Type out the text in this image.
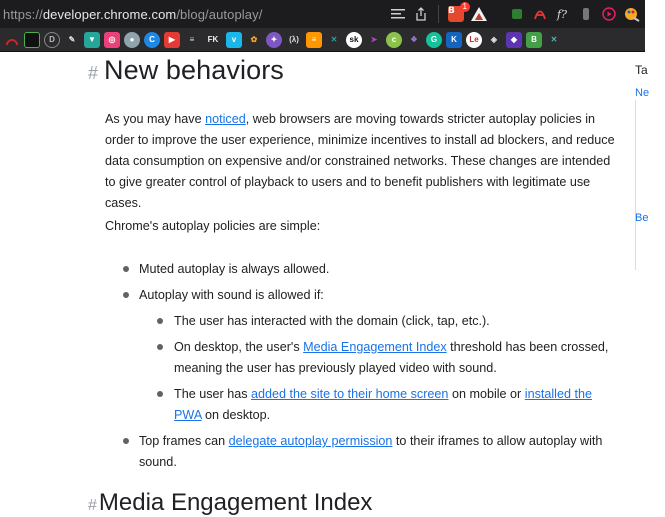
https://developer.chrome.com/blog/autoplay/	B 1
f?
D	✎	▼	◎	●	C	▶	≡	FK	v	✿	✦	(λ)	≡	✕	sk	➤	c	❖	G	K	Le	◈	◆	B	✕
# New behaviors

As you may have noticed, web browsers are moving towards stricter autoplay policies in order to improve the user experience, minimize incentives to install ad blockers, and reduce data consumption on expensive and/or constrained networks. These changes are intended to give greater control of playback to users and to benefit publishers with legitimate use cases.

Chrome's autoplay policies are simple:

Muted autoplay is always allowed.
Autoplay with sound is allowed if:
The user has interacted with the domain (click, tap, etc.).
On desktop, the user's Media Engagement Index threshold has been crossed, meaning the user has previously played video with sound.
The user has added the site to their home screen on mobile or installed the PWA on desktop.
Top frames can delegate autoplay permission to their iframes to allow autoplay with sound.
#Media Engagement Index
Ta
Ne
Be
